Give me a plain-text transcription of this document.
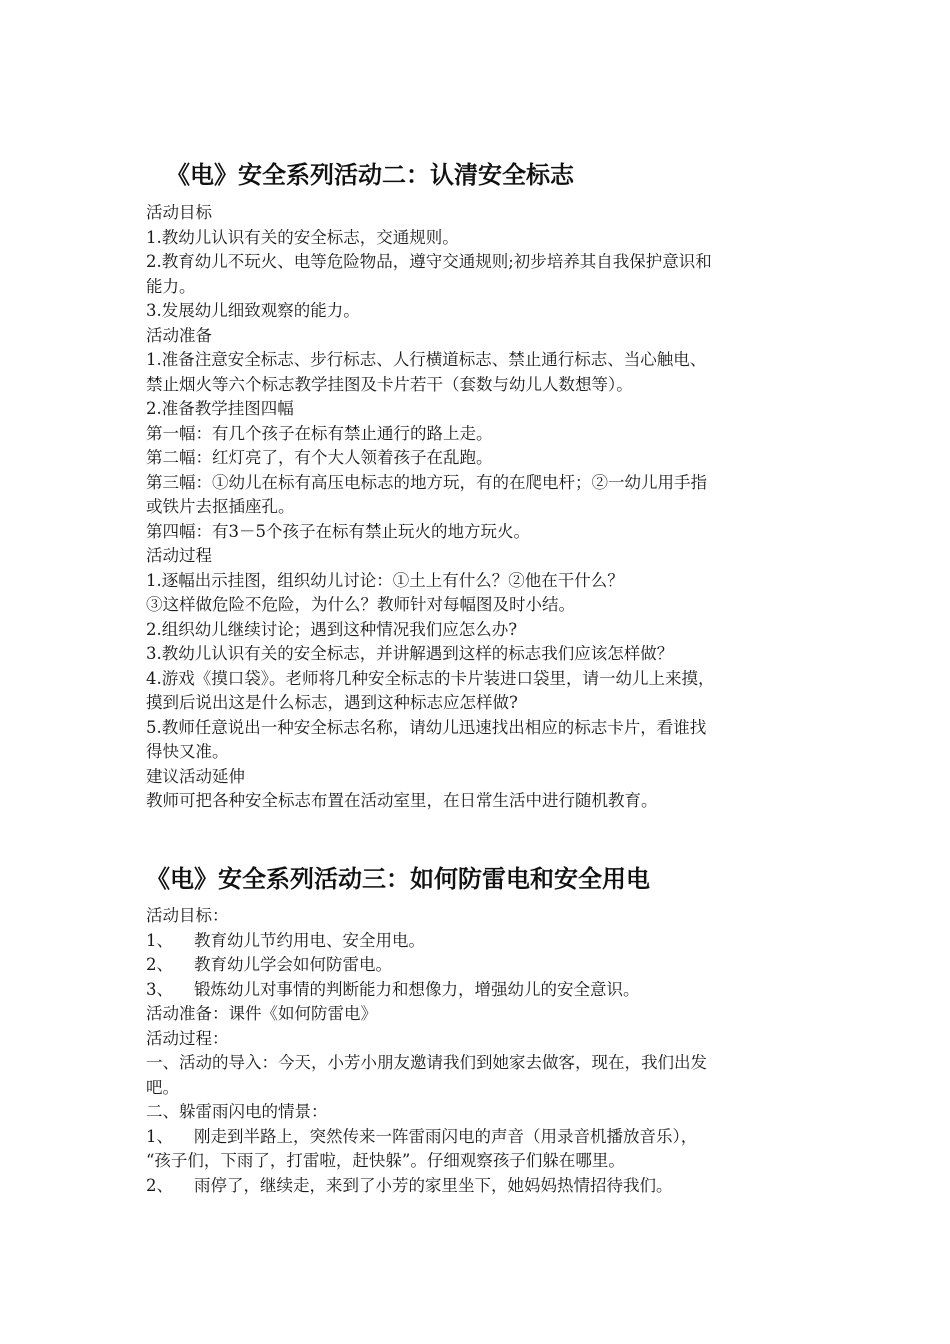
《电》安全系列活动二：认清安全标志
活动目标
1.教幼儿认识有关的安全标志，交通规则。
2.教育幼儿不玩火、电等危险物品，遵守交通规则;初步培养其自我保护意识和
能力。
3.发展幼儿细致观察的能力。
活动准备
1.准备注意安全标志、步行标志、人行横道标志、禁止通行标志、当心触电、
禁止烟火等六个标志教学挂图及卡片若干（套数与幼儿人数想等）。
2.准备教学挂图四幅
第一幅：有几个孩子在标有禁止通行的路上走。
第二幅：红灯亮了，有个大人领着孩子在乱跑。
第三幅：①幼儿在标有高压电标志的地方玩，有的在爬电杆；②一幼儿用手指
或铁片去抠插座孔。
第四幅：有3－5个孩子在标有禁止玩火的地方玩火。
活动过程
1.逐幅出示挂图，组织幼儿讨论：①土上有什么？②他在干什么？
③这样做危险不危险，为什么？教师针对每幅图及时小结。
2.组织幼儿继续讨论；遇到这种情况我们应怎么办?
3.教幼儿认识有关的安全标志，并讲解遇到这样的标志我们应该怎样做？
4.游戏《摸口袋》。老师将几种安全标志的卡片装进口袋里，请一幼儿上来摸，
摸到后说出这是什么标志，遇到这种标志应怎样做?
5.教师任意说出一种安全标志名称，请幼儿迅速找出相应的标志卡片，看谁找
得快又准。
建议活动延伸
教师可把各种安全标志布置在活动室里，在日常生活中进行随机教育。
《电》安全系列活动三：如何防雷电和安全用电
活动目标：
1、 教育幼儿节约用电、安全用电。
2、 教育幼儿学会如何防雷电。
3、 锻炼幼儿对事情的判断能力和想像力，增强幼儿的安全意识。
活动准备：课件《如何防雷电》
活动过程：
一、活动的导入：今天，小芳小朋友邀请我们到她家去做客，现在，我们出发
吧。
二、躲雷雨闪电的情景：
1、 刚走到半路上，突然传来一阵雷雨闪电的声音（用录音机播放音乐），
“孩子们，下雨了，打雷啦，赶快躲”。仔细观察孩子们躲在哪里。
2、 雨停了，继续走，来到了小芳的家里坐下，她妈妈热情招待我们。
